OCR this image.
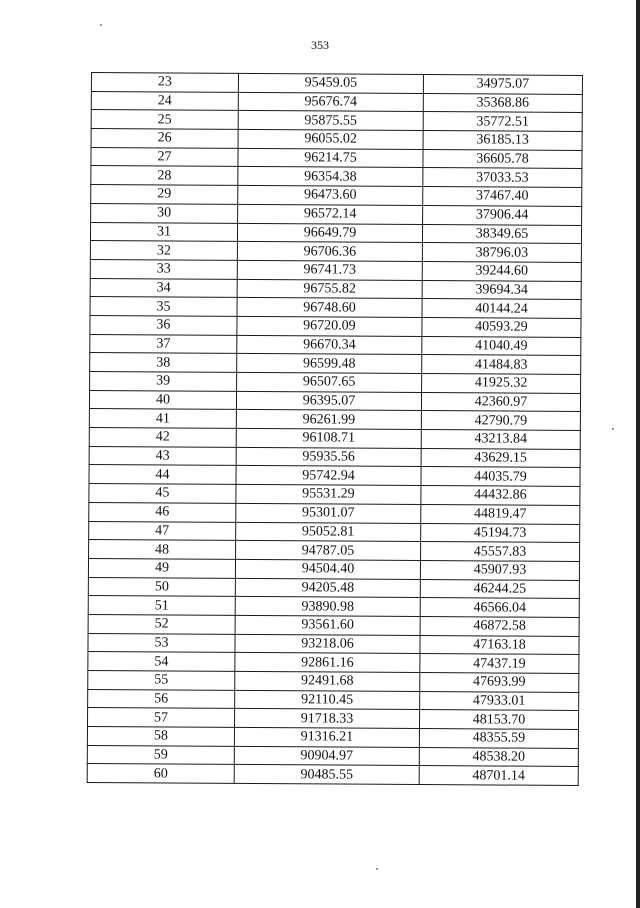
353
23	95459.05	34975.07
24	95676.74	35368.86
25	95875.55	35772.51
26	96055.02	36185.13
27	96214.75	36605.78
28	96354.38	37033.53
29	96473.60	37467.40
30	96572.14	37906.44
31	96649.79	38349.65
32	96706.36	38796.03
33	96741.73	39244.60
34	96755.82	39694.34
35	96748.60	40144.24
36	96720.09	40593.29
37	96670.34	41040.49
38	96599.48	41484.83
39	96507.65	41925.32
40	96395.07	42360.97
41	96261.99	42790.79
42	96108.71	43213.84
43	95935.56	43629.15
44	95742.94	44035.79
45	95531.29	44432.86
46	95301.07	44819.47
47	95052.81	45194.73
48	94787.05	45557.83
49	94504.40	45907.93
50	94205.48	46244.25
51	93890.98	46566.04
52	93561.60	46872.58
53	93218.06	47163.18
54	92861.16	47437.19
55	92491.68	47693.99
56	92110.45	47933.01
57	91718.33	48153.70
58	91316.21	48355.59
59	90904.97	48538.20
60	90485.55	48701.14
